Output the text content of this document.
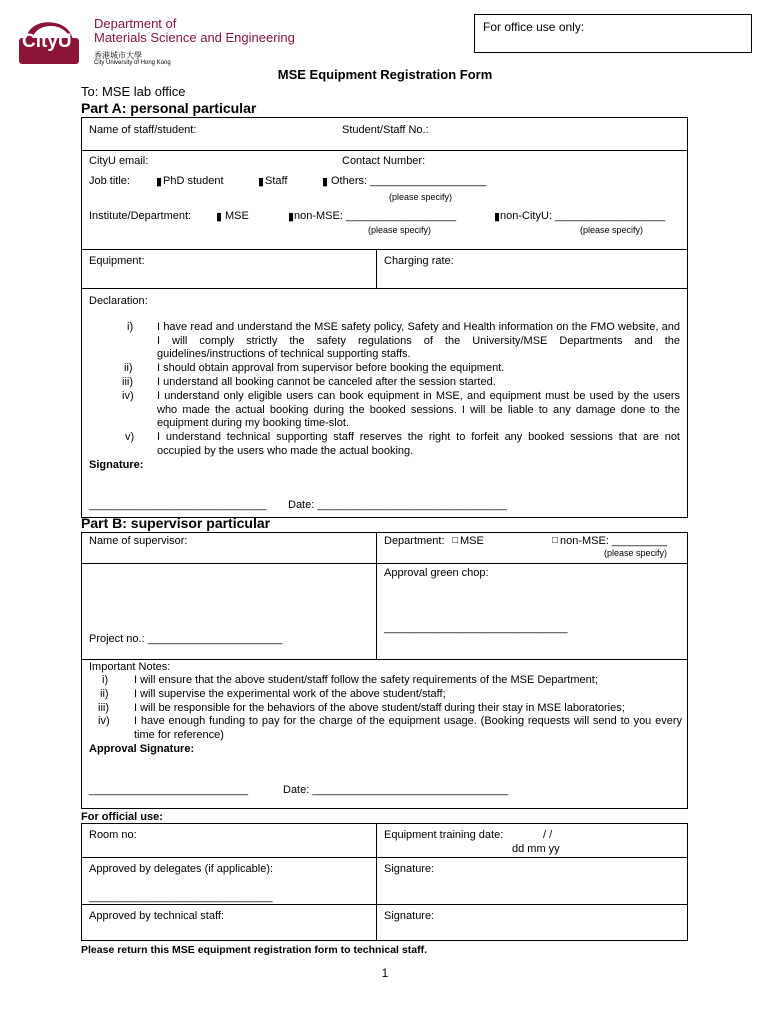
CityU
Department of
Materials Science and Engineering
香港城市大學
City University of Hong Kong
For office use only:
MSE Equipment Registration Form
To: MSE lab office
Part A: personal particular
Name of staff/student:	Student/Staff No.:
CityU email:	Contact Number:
Job title: ▮ PhD student	▮ Staff	▮ Others: ___________________
(please specify)
Institute/Department: ▮ MSE	▮ non-MSE: __________________	▮ non-CityU: __________________
(please specify)	(please specify)
Equipment:	Charging rate:
Declaration:
i) I have read and understand the MSE safety policy, Safety and Health information on the FMO website, and I will comply strictly the safety regulations of the University/MSE Departments and the guidelines/instructions of technical supporting staffs.
ii) I should obtain approval from supervisor before booking the equipment.
iii) I understand all booking cannot be canceled after the session started.
iv) I understand only eligible users can book equipment in MSE, and equipment must be used by the users who made the actual booking during the booked sessions. I will be liable to any damage done to the equipment during my booking time-slot.
v) I understand technical supporting staff reserves the right to forfeit any booked sessions that are not occupied by the users who made the actual booking.
Signature:
_____________________________ Date: _______________________________
Part B: supervisor particular
Name of supervisor:	Department: □ MSE	□ non-MSE: _________
(please specify)
Approval green chop:
______________________________
Project no.: ______________________
Important Notes:
i) I will ensure that the above student/staff follow the safety requirements of the MSE Department;
ii) I will supervise the experimental work of the above student/staff;
iii) I will be responsible for the behaviors of the above student/staff during their stay in MSE laboratories;
iv) I have enough funding to pay for the charge of the equipment usage. (Booking requests will send to you every time for reference)
Approval Signature:
__________________________	Date: ________________________________
For official use:
Room no:	Equipment training date:	/ /
dd mm yy
Approved by delegates (if applicable):
______________________________
Signature:
Approved by technical staff:	Signature:
Please return this MSE equipment registration form to technical staff.
1
